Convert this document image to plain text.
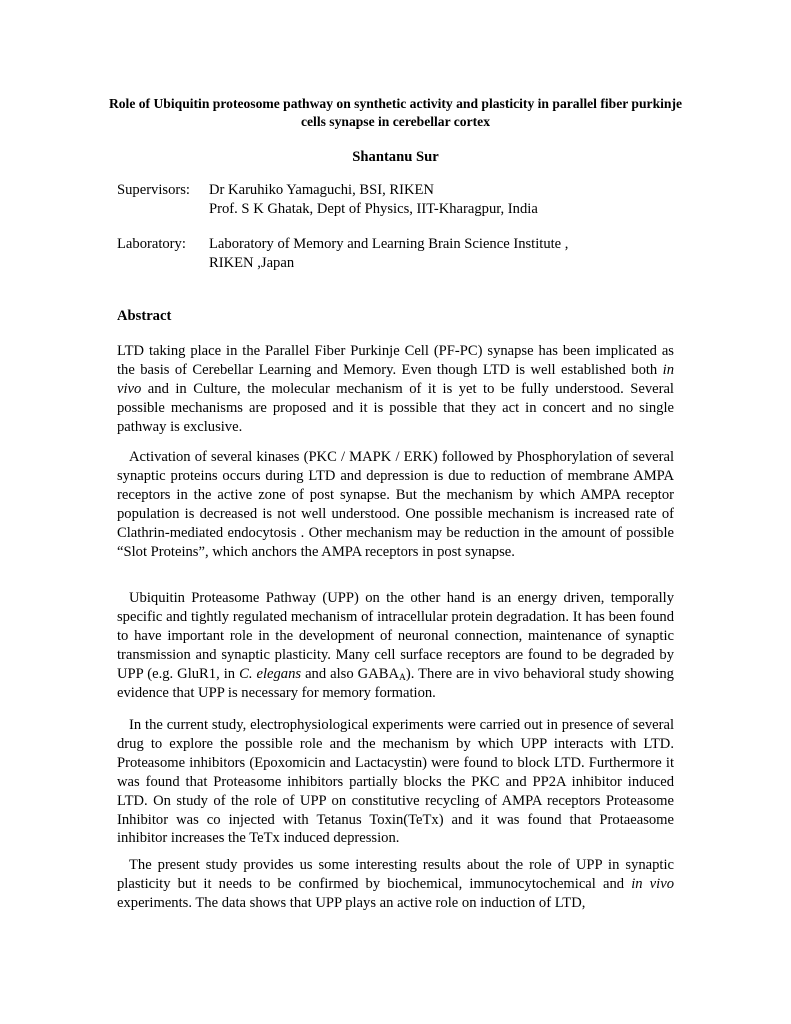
Role of Ubiquitin proteosome pathway on synthetic activity and plasticity in parallel fiber purkinje cells synapse in cerebellar cortex
Shantanu Sur
Supervisors:	Dr Karuhiko Yamaguchi, BSI, RIKEN
Prof. S K Ghatak, Dept of Physics, IIT-Kharagpur, India
Laboratory:	Laboratory of Memory and Learning Brain Science Institute ,
RIKEN ,Japan
Abstract

LTD taking place in the Parallel Fiber Purkinje Cell (PF-PC) synapse has been implicated as the basis of Cerebellar Learning and Memory. Even though LTD is well established both in vivo and in Culture, the molecular mechanism of it is yet to be fully understood. Several possible mechanisms are proposed and it is possible that they act in concert and no single pathway is exclusive.

Activation of several kinases (PKC / MAPK / ERK) followed by Phosphorylation of several synaptic proteins occurs during LTD and depression is due to reduction of membrane AMPA receptors in the active zone of post synapse. But the mechanism by which AMPA receptor population is decreased is not well understood. One possible mechanism is increased rate of Clathrin-mediated endocytosis . Other mechanism may be reduction in the amount of possible “Slot Proteins”, which anchors the AMPA receptors in post synapse.

Ubiquitin Proteasome Pathway (UPP) on the other hand is an energy driven, temporally specific and tightly regulated mechanism of intracellular protein degradation. It has been found to have important role in the development of neuronal connection, maintenance of synaptic transmission and synaptic plasticity. Many cell surface receptors are found to be degraded by UPP (e.g. GluR1, in C. elegans and also $GABA_A$). There are in vivo behavioral study showing evidence that UPP is necessary for memory formation.

In the current study, electrophysiological experiments were carried out in presence of several drug to explore the possible role and the mechanism by which UPP interacts with LTD. Proteasome inhibitors (Epoxomicin and Lactacystin) were found to block LTD. Furthermore it was found that Proteasome inhibitors partially blocks the PKC and PP2A inhibitor induced LTD. On study of the role of UPP on constitutive recycling of AMPA receptors Proteasome Inhibitor was co injected with Tetanus Toxin(TeTx) and it was found that Protaeasome inhibitor increases the TeTx induced depression.

The present study provides us some interesting results about the role of UPP in synaptic plasticity but it needs to be confirmed by biochemical, immunocytochemical and in vivo experiments. The data shows that UPP plays an active role on induction of LTD,
